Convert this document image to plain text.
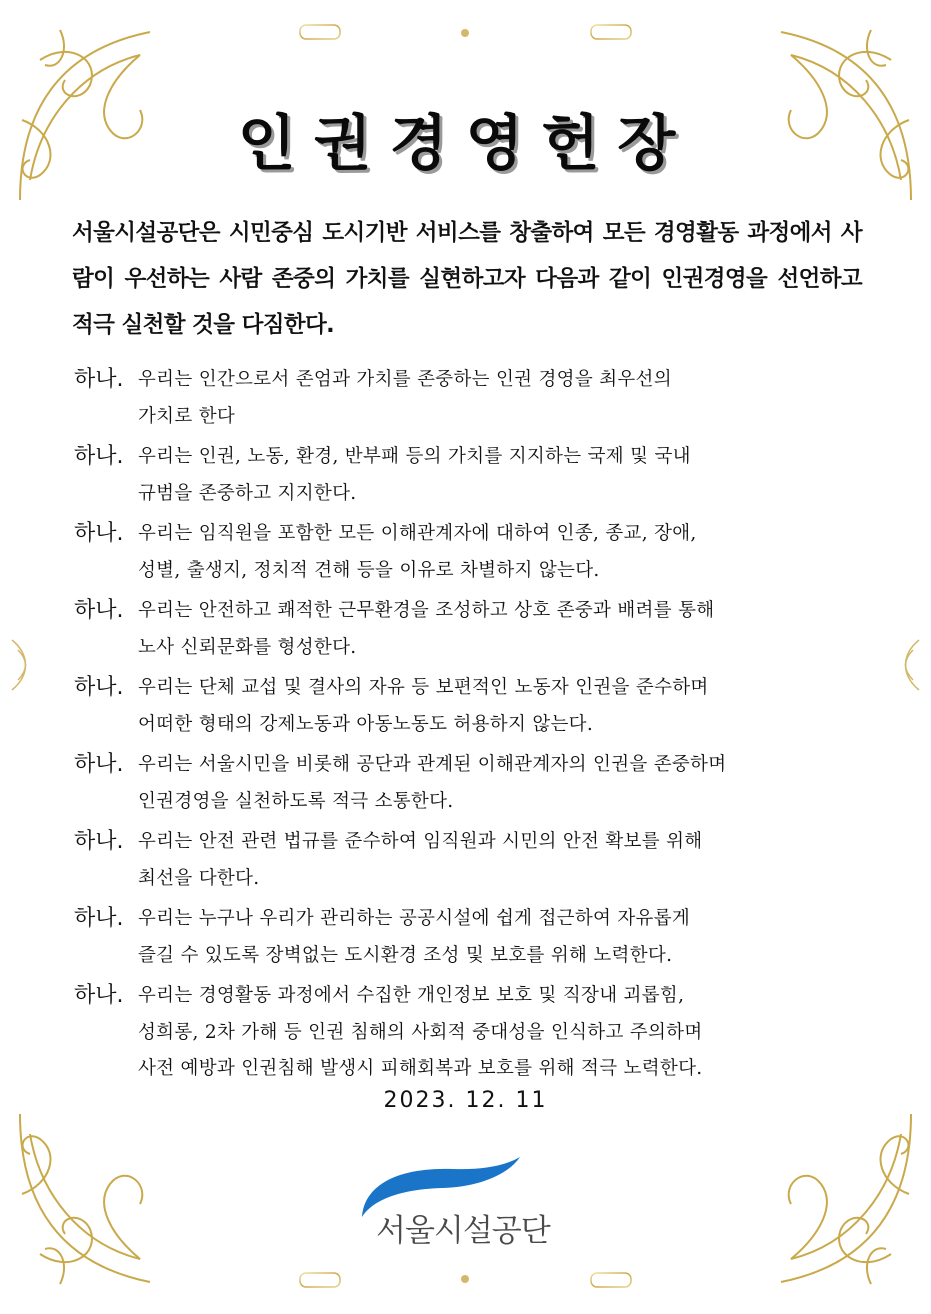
인권경영헌장
서울시설공단은 시민중심 도시기반 서비스를 창출하여 모든 경영활동 과정에서 사람이 우선하는 사람 존중의 가치를 실현하고자 다음과 같이 인권경영을 선언하고 적극 실천할 것을 다짐한다.
하나. 우리는 인간으로서 존엄과 가치를 존중하는 인권 경영을 최우선의
가치로 한다
하나. 우리는 인권, 노동, 환경, 반부패 등의 가치를 지지하는 국제 및 국내
규범을 존중하고 지지한다.
하나. 우리는 임직원을 포함한 모든 이해관계자에 대하여 인종, 종교, 장애,
성별, 출생지, 정치적 견해 등을 이유로 차별하지 않는다.
하나. 우리는 안전하고 쾌적한 근무환경을 조성하고 상호 존중과 배려를 통해
노사 신뢰문화를 형성한다.
하나. 우리는 단체 교섭 및 결사의 자유 등 보편적인 노동자 인권을 준수하며
어떠한 형태의 강제노동과 아동노동도 허용하지 않는다.
하나. 우리는 서울시민을 비롯해 공단과 관계된 이해관계자의 인권을 존중하며
인권경영을 실천하도록 적극 소통한다.
하나. 우리는 안전 관련 법규를 준수하여 임직원과 시민의 안전 확보를 위해
최선을 다한다.
하나. 우리는 누구나 우리가 관리하는 공공시설에 쉽게 접근하여 자유롭게
즐길 수 있도록 장벽없는 도시환경 조성 및 보호를 위해 노력한다.
하나. 우리는 경영활동 과정에서 수집한 개인정보 보호 및 직장내 괴롭힘,
성희롱, 2차 가해 등 인권 침해의 사회적 중대성을 인식하고 주의하며
사전 예방과 인권침해 발생시 피해회복과 보호를 위해 적극 노력한다.
2023. 12. 11
서울시설공단
